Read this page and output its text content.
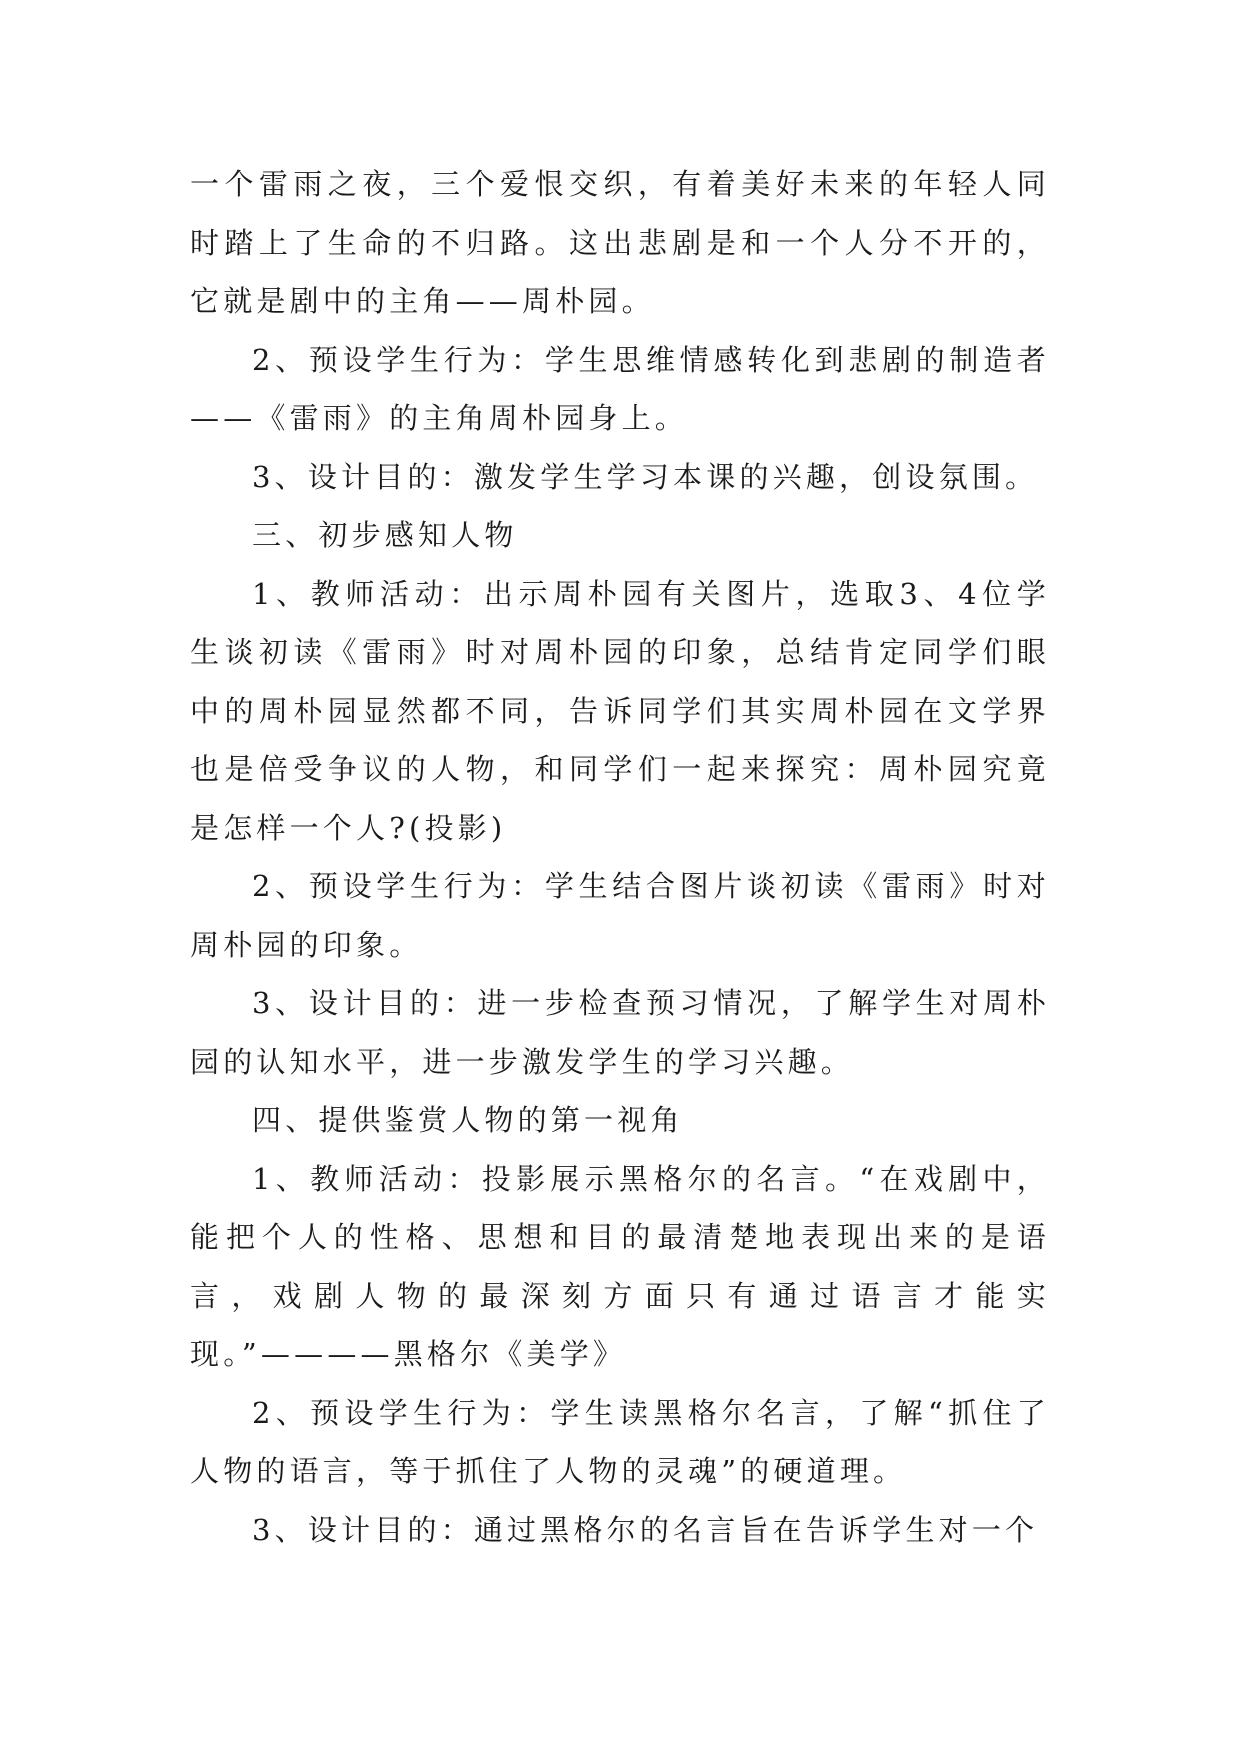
一个雷雨之夜，三个爱恨交织，有着美好未来的年轻人同时踏上了生命的不归路。这出悲剧是和一个人分不开的，它就是剧中的主角——周朴园。

2、预设学生行为：学生思维情感转化到悲剧的制造者——《雷雨》的主角周朴园身上。

3、设计目的：激发学生学习本课的兴趣，创设氛围。

三、初步感知人物

1、教师活动：出示周朴园有关图片，选取3、4位学生谈初读《雷雨》时对周朴园的印象，总结肯定同学们眼中的周朴园显然都不同，告诉同学们其实周朴园在文学界也是倍受争议的人物，和同学们一起来探究：周朴园究竟是怎样一个人?(投影)

2、预设学生行为：学生结合图片谈初读《雷雨》时对周朴园的印象。

3、设计目的：进一步检查预习情况，了解学生对周朴园的认知水平，进一步激发学生的学习兴趣。

四、提供鉴赏人物的第一视角

1、教师活动：投影展示黑格尔的名言。“在戏剧中，能把个人的性格、思想和目的最清楚地表现出来的是语言，戏剧人物的最深刻方面只有通过语言才能实现。”————黑格尔《美学》

2、预设学生行为：学生读黑格尔名言，了解“抓住了人物的语言，等于抓住了人物的灵魂”的硬道理。

3、设计目的：通过黑格尔的名言旨在告诉学生对一个
